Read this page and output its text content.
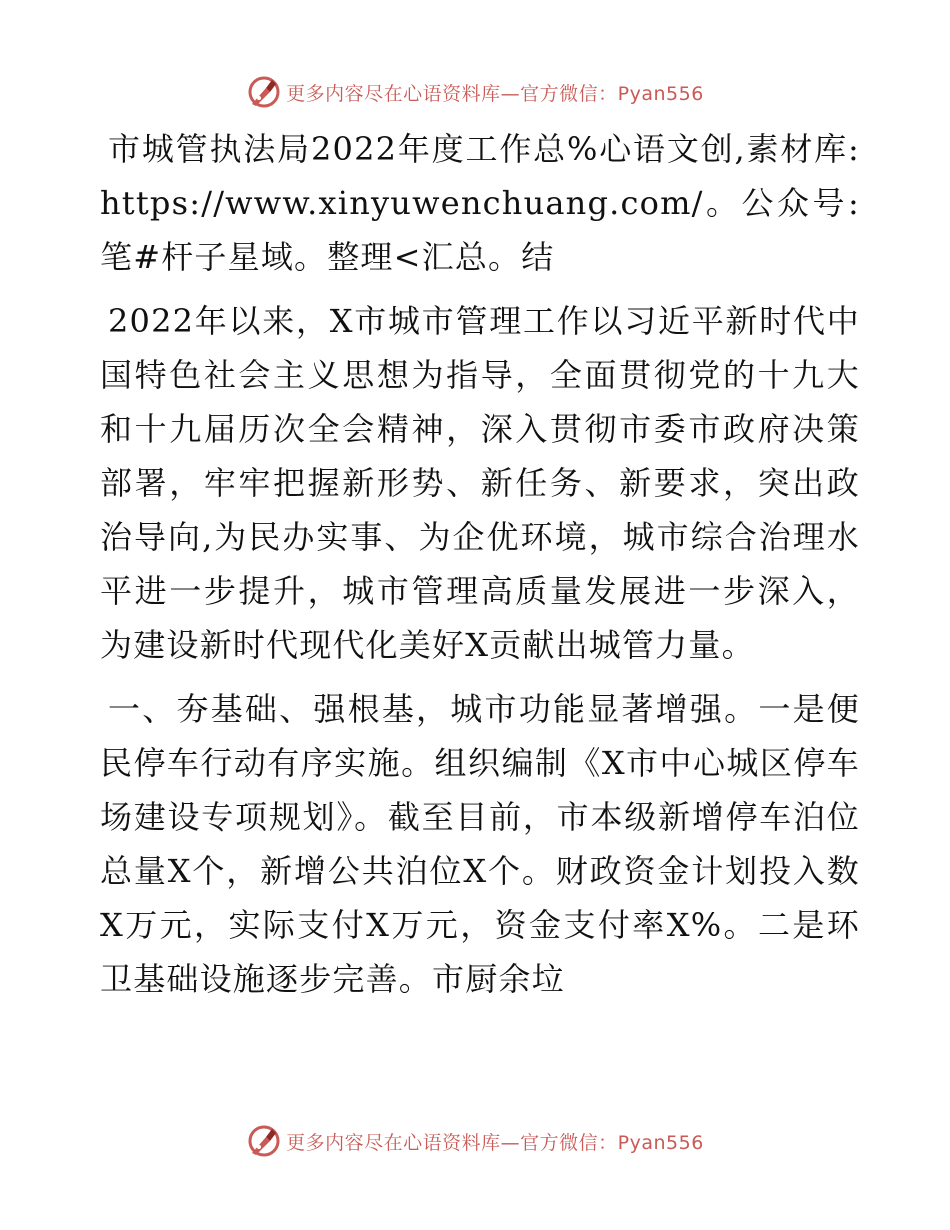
更多内容尽在心语资料库—官方微信：Pyan556

市城管执法局2022年度工作总%心语文创,素材库: https://www.xinyuwenchuang.com/。公众号: 笔#杆子星域。整理<汇总。结

2022年以来，X市城市管理工作以习近平新时代中国特色社会主义思想为指导，全面贯彻党的十九大和十九届历次全会精神，深入贯彻市委市政府决策部署，牢牢把握新形势、新任务、新要求，突出政治导向,为民办实事、为企优环境，城市综合治理水平进一步提升，城市管理高质量发展进一步深入，为建设新时代现代化美好X贡献出城管力量。

一、夯基础、强根基，城市功能显著增强。一是便民停车行动有序实施。组织编制《X市中心城区停车场建设专项规划》。截至目前，市本级新增停车泊位总量X个，新增公共泊位X个。财政资金计划投入数X万元，实际支付X万元，资金支付率X%。二是环卫基础设施逐步完善。市厨余垃

更多内容尽在心语资料库—官方微信：Pyan556
